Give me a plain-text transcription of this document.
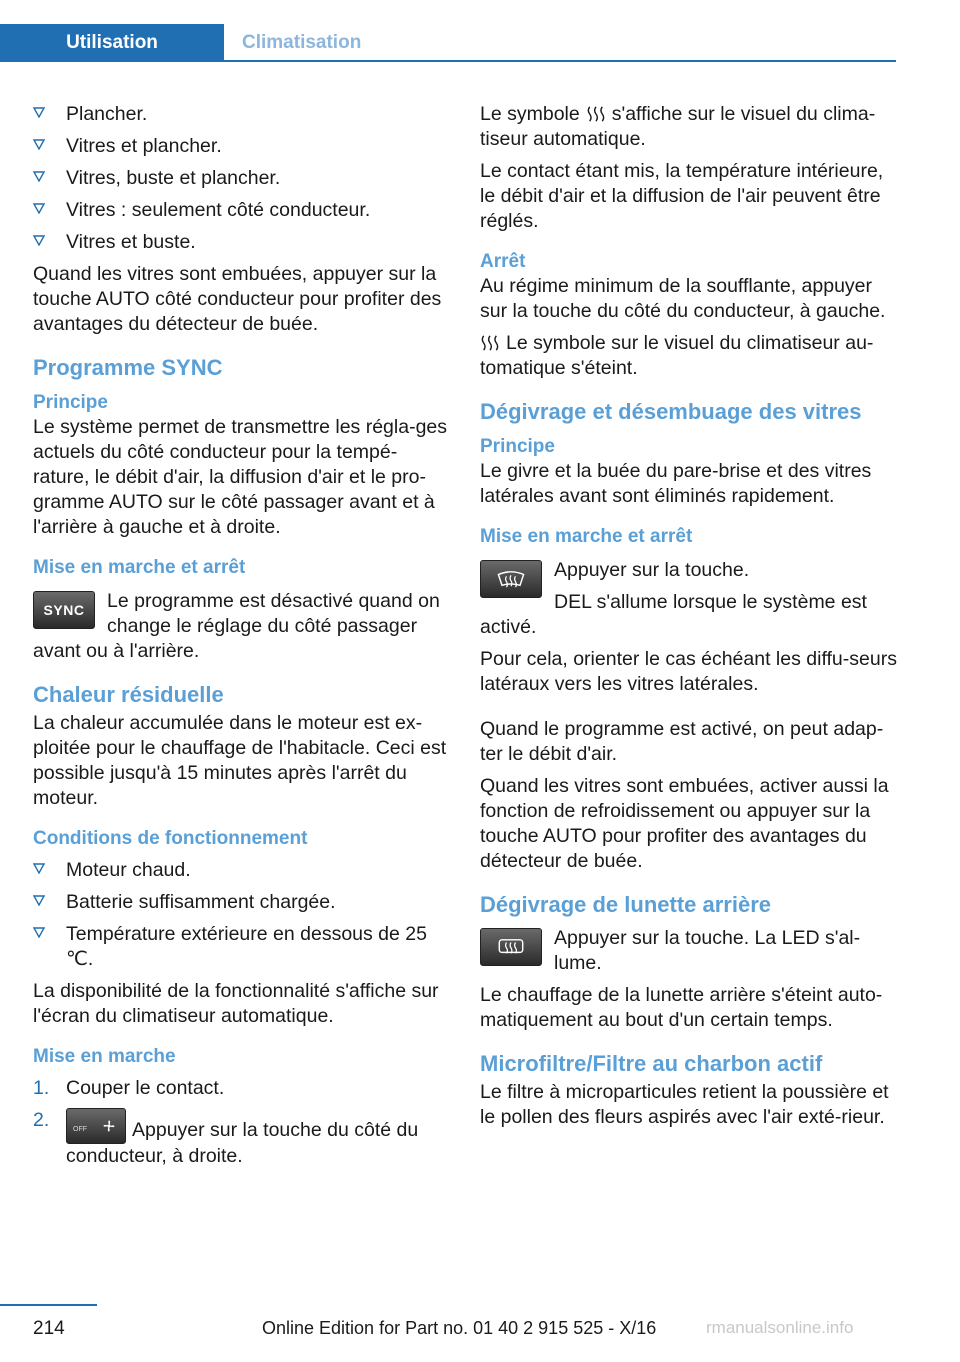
Utilisation	Climatisation
Plancher.
Vitres et plancher.
Vitres, buste et plancher.
Vitres : seulement côté conducteur.
Vitres et buste.

Quand les vitres sont embuées, appuyer sur la touche AUTO côté conducteur pour profiter des avantages du détecteur de buée.

Programme SYNC
Principe

Le système permet de transmettre les régla-ges actuels du côté conducteur pour la tempé-rature, le débit d'air, la diffusion d'air et le pro-gramme AUTO sur le côté passager avant et à l'arrière à gauche et à droite.

Mise en marche et arrêt
SYNC Le programme est désactivé quand on change le réglage du côté passager avant ou à l'arrière.
Chaleur résiduelle

La chaleur accumulée dans le moteur est ex-ploitée pour le chauffage de l'habitacle. Ceci est possible jusqu'à 15 minutes après l'arrêt du moteur.

Conditions de fonctionnement
Moteur chaud.
Batterie suffisamment chargée.
Température extérieure en dessous de 25 ℃.

La disponibilité de la fonctionnalité s'affiche sur l'écran du climatiseur automatique.

Mise en marche
1. Couper le contact.
2.	OFF Appuyer sur la touche du côté du conducteur, à droite.

Le symbole s'affiche sur le visuel du clima-tiseur automatique.

Le contact étant mis, la température intérieure, le débit d'air et la diffusion de l'air peuvent être réglés.

Arrêt

Au régime minimum de la soufflante, appuyer sur la touche du côté du conducteur, à gauche.

Le symbole sur le visuel du climatiseur au-tomatique s'éteint.

Dégivrage et désembuage des vitres
Principe

Le givre et la buée du pare-brise et des vitres latérales avant sont éliminés rapidement.

Mise en marche et arrêt

Appuyer sur la touche.

DEL s'allume lorsque le système est activé.

Pour cela, orienter le cas échéant les diffu-seurs latéraux vers les vitres latérales.

Quand le programme est activé, on peut adap-ter le débit d'air.

Quand les vitres sont embuées, activer aussi la fonction de refroidissement ou appuyer sur la touche AUTO pour profiter des avantages du détecteur de buée.

Dégivrage de lunette arrière
Appuyer sur la touche. La LED s'al-lume.

Le chauffage de la lunette arrière s'éteint auto-matiquement au bout d'un certain temps.

Microfiltre/Filtre au charbon actif

Le filtre à microparticules retient la poussière et le pollen des fleurs aspirés avec l'air exté-rieur.

214	Online Edition for Part no. 01 40 2 915 525 - X/16	rmanualsonline.info
